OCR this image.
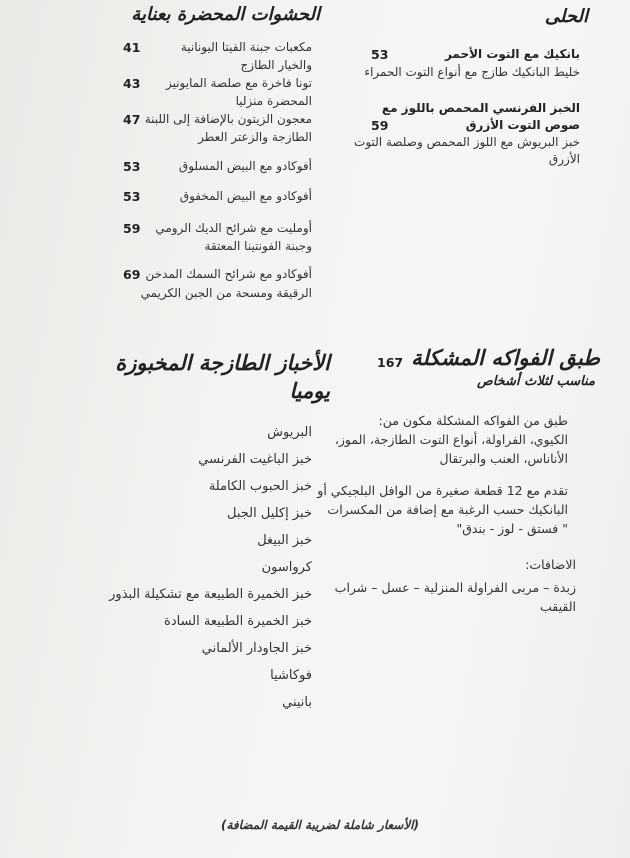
الحلى
بانكيك مع التوت الأحمر
53
خليط البانكيك طازج مع أنواع التوت الحمراء
الخبز الفرنسي المحمص باللوز مع
صوص التوت الأزرق
59
خبز البريوش مع اللوز المحمص وصلصة التوت
الأزرق
الحشوات المحضرة بعناية
مكعبات جبنة الفيتا اليونانية
والخيار الطازج
41
تونا فاخرة مع صلصة المايونيز
المحضرة منزليا
43
معجون الزيتون بالإضافة إلى اللبنة
الطازجة والزعتر العطر
47
أفوكادو مع البيض المسلوق
53
أفوكادو مع البيض المخفوق
53
أومليت مع شرائح الديك الرومي
وجبنة الفونتينا المعتقة
59
أفوكادو مع شرائح السمك المدخن
الرقيقة ومسحة من الجبن الكريمي
69
طبق الفواكه المشكلة
167
مناسب لثلاث أشخاص
طبق من الفواكه المشكلة مكون من:
الكيوي، الفراولة، أنواع التوت الطازجة، الموز،
الأناناس، العنب والبرتقال
تقدم مع 12 قطعة صغيرة من الوافل البلجيكي أو
البانكيك حسب الرغبة مع إضافة من المكسرات
" فستق - لوز - بندق"
الاضافات:
زبدة – مربى الفراولة المنزلية – عسل – شراب
القيقب
الأخباز الطازجة المخبوزة
يوميا
البريوش
خبز الباغيت الفرنسي
خبز الحبوب الكاملة
خبز إكليل الجبل
خبز البيغل
كرواسون
خبز الخميرة الطبيعة مع تشكيلة البذور
خبز الخميرة الطبيعة السادة
خبز الجاودار الألماني
فوكاشيا
بانيني
(الأسعار شاملة لضريبة القيمة المضافة)
